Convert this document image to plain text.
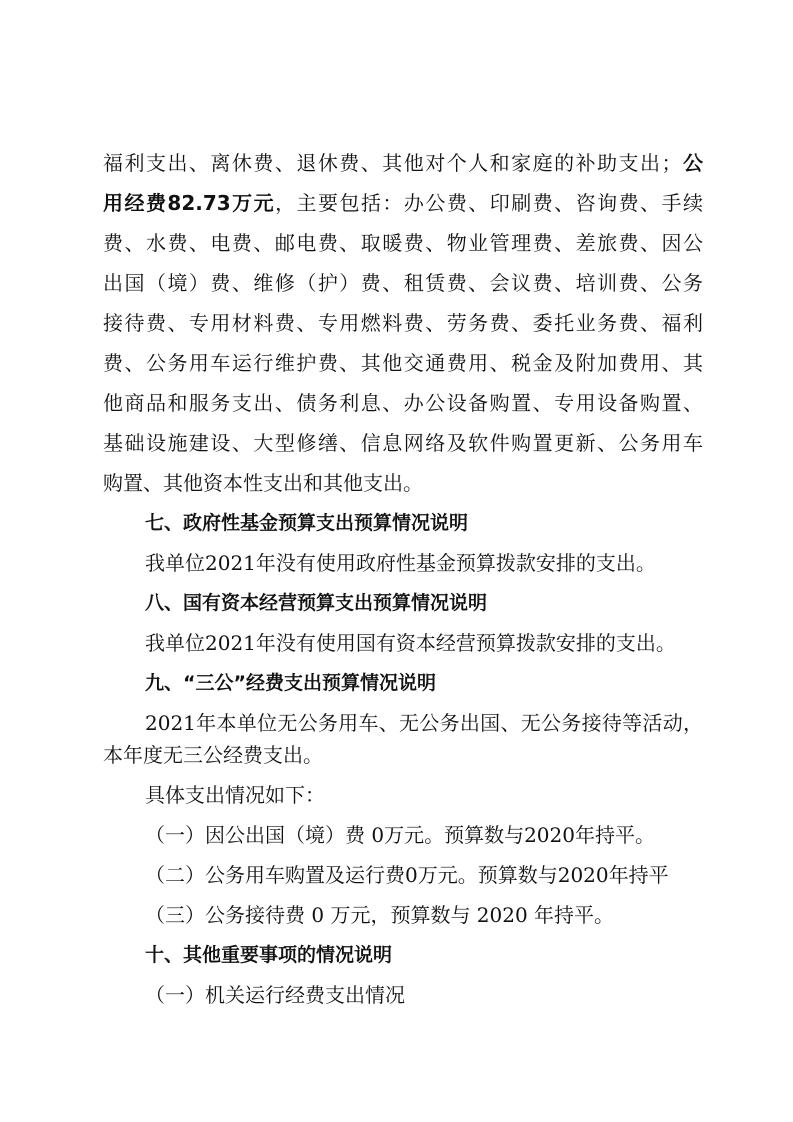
福利支出、离休费、退休费、其他对个人和家庭的补助支出；公
用经费82.73万元，主要包括：办公费、印刷费、咨询费、手续
费、水费、电费、邮电费、取暖费、物业管理费、差旅费、因公
出国（境）费、维修（护）费、租赁费、会议费、培训费、公务
接待费、专用材料费、专用燃料费、劳务费、委托业务费、福利
费、公务用车运行维护费、其他交通费用、税金及附加费用、其
他商品和服务支出、债务利息、办公设备购置、专用设备购置、
基础设施建设、大型修缮、信息网络及软件购置更新、公务用车
购置、其他资本性支出和其他支出。
七、政府性基金预算支出预算情况说明
我单位2021年没有使用政府性基金预算拨款安排的支出。
八、国有资本经营预算支出预算情况说明
我单位2021年没有使用国有资本经营预算拨款安排的支出。
九、“三公”经费支出预算情况说明
2021年本单位无公务用车、无公务出国、无公务接待等活动，
本年度无三公经费支出。
具体支出情况如下：
（一）因公出国（境）费 0万元。预算数与2020年持平。
（二）公务用车购置及运行费0万元。预算数与2020年持平
（三）公务接待费 0 万元，预算数与 2020 年持平。
十、其他重要事项的情况说明
（一）机关运行经费支出情况
